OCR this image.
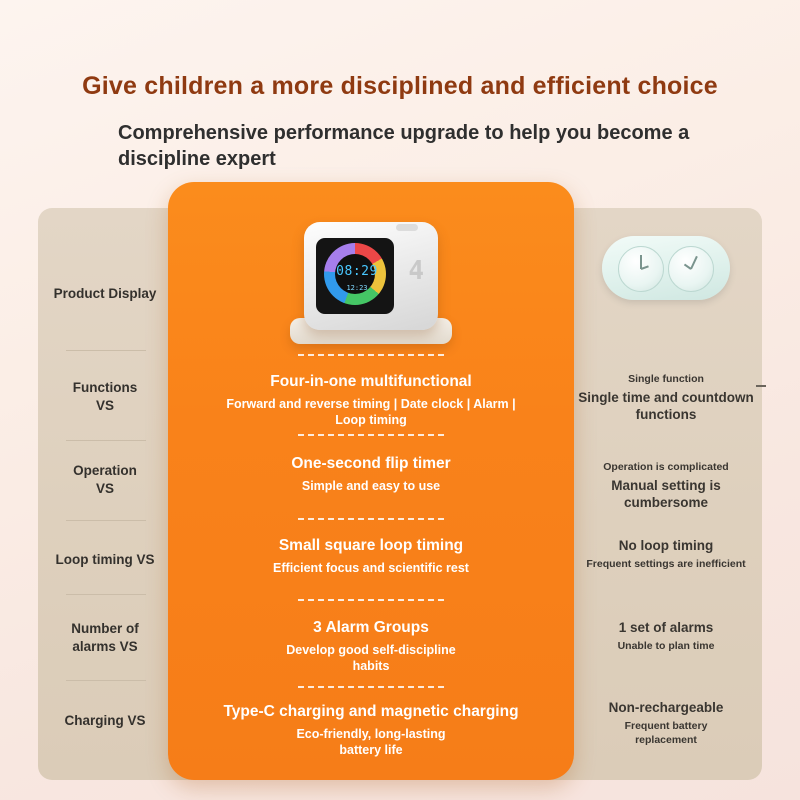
Give children a more disciplined and efficient choice
Comprehensive performance upgrade to help you become a discipline expert
Product Display
Functions
VS
Operation
VS
Loop timing VS
Number of
alarms VS
Charging VS
08:29
12:23
4
Four-in-one multifunctional
Forward and reverse timing | Date clock | Alarm | Loop timing
One-second flip timer
Simple and easy to use
Small square loop timing
Efficient focus and scientific rest
3 Alarm Groups
Develop good self-discipline habits
Type-C charging and magnetic charging
Eco-friendly, long-lasting battery life
Single function
Single time and countdown functions
Operation is complicated
Manual setting is cumbersome
No loop timing
Frequent settings are inefficient
1 set of alarms
Unable to plan time
Non-rechargeable
Frequent battery replacement
